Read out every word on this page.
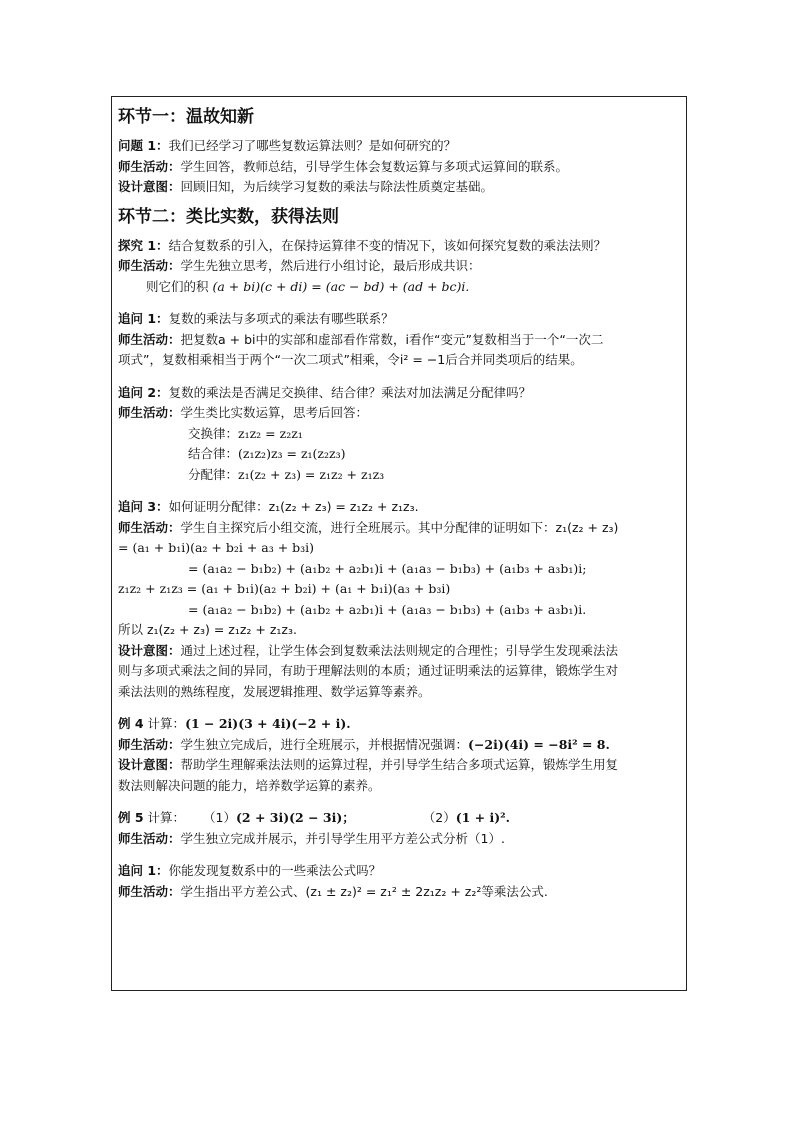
环节一：温故知新
问题 1：我们已经学习了哪些复数运算法则？是如何研究的？
师生活动：学生回答，教师总结，引导学生体会复数运算与多项式运算间的联系。
设计意图：回顾旧知，为后续学习复数的乘法与除法性质奠定基础。
环节二：类比实数，获得法则
探究 1：结合复数系的引入，在保持运算律不变的情况下，该如何探究复数的乘法法则？
师生活动：学生先独立思考，然后进行小组讨论，最后形成共识：
则它们的积 (a + bi)(c + di) = (ac − bd) + (ad + bc)i.
追问 1：复数的乘法与多项式的乘法有哪些联系？
师生活动：把复数a + bi中的实部和虚部看作常数，i看作“变元”复数相当于一个“一次二
项式”，复数相乘相当于两个“一次二项式”相乘，令i² = −1后合并同类项后的结果。
追问 2：复数的乘法是否满足交换律、结合律？乘法对加法满足分配律吗？
师生活动：学生类比实数运算，思考后回答：
交换律：z₁z₂ = z₂z₁
结合律：(z₁z₂)z₃ = z₁(z₂z₃)
分配律：z₁(z₂ + z₃) = z₁z₂ + z₁z₃
追问 3：如何证明分配律：z₁(z₂ + z₃) = z₁z₂ + z₁z₃.
师生活动：学生自主探究后小组交流，进行全班展示。其中分配律的证明如下：z₁(z₂ + z₃)
= (a₁ + b₁i)(a₂ + b₂i + a₃ + b₃i)
= (a₁a₂ − b₁b₂) + (a₁b₂ + a₂b₁)i + (a₁a₃ − b₁b₃) + (a₁b₃ + a₃b₁)i;
z₁z₂ + z₁z₃ = (a₁ + b₁i)(a₂ + b₂i) + (a₁ + b₁i)(a₃ + b₃i)
= (a₁a₂ − b₁b₂) + (a₁b₂ + a₂b₁)i + (a₁a₃ − b₁b₃) + (a₁b₃ + a₃b₁)i.
所以 z₁(z₂ + z₃) = z₁z₂ + z₁z₃.
设计意图：通过上述过程，让学生体会到复数乘法法则规定的合理性；引导学生发现乘法法
则与多项式乘法之间的异同，有助于理解法则的本质；通过证明乘法的运算律，锻炼学生对
乘法法则的熟练程度，发展逻辑推理、数学运算等素养。
例 4 计算：(1 − 2i)(3 + 4i)(−2 + i).
师生活动：学生独立完成后，进行全班展示，并根据情况强调：(−2i)(4i) = −8i² = 8.
设计意图：帮助学生理解乘法法则的运算过程，并引导学生结合多项式运算，锻炼学生用复
数法则解决问题的能力，培养数学运算的素养。
例 5 计算： （1）(2 + 3i)(2 − 3i)；	（2）(1 + i)².
师生活动：学生独立完成并展示，并引导学生用平方差公式分析（1）.
追问 1：你能发现复数系中的一些乘法公式吗？
师生活动：学生指出平方差公式、(z₁ ± z₂)² = z₁² ± 2z₁z₂ + z₂²等乘法公式.
